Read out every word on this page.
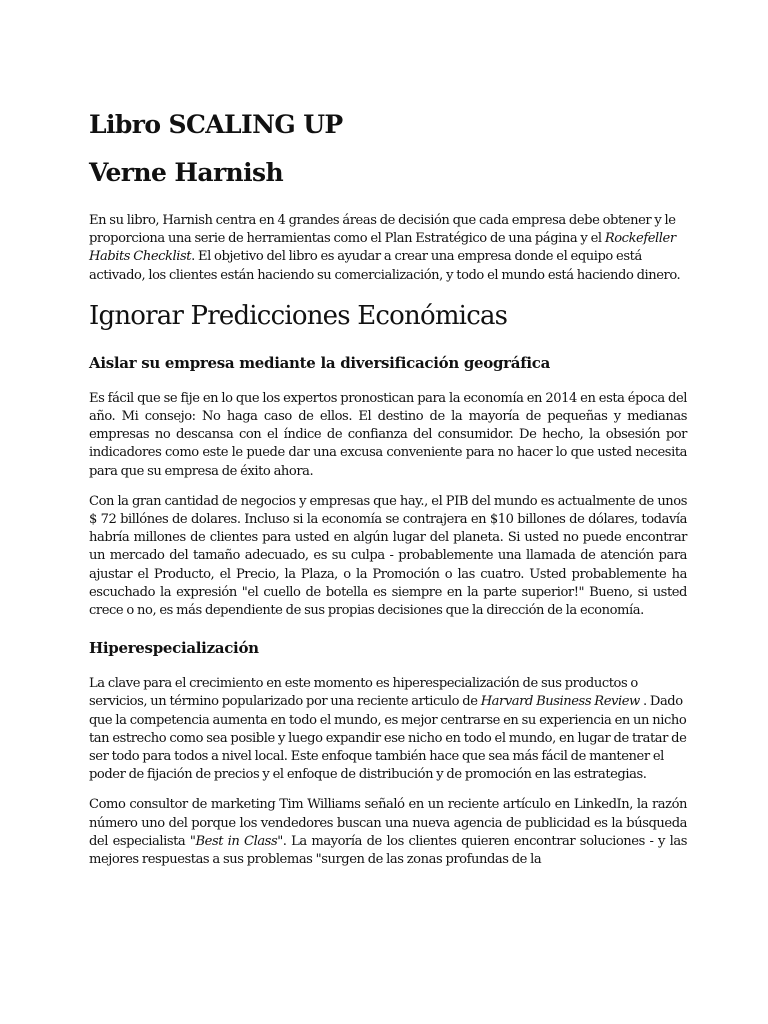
Libro SCALING UP
Verne Harnish

En su libro, Harnish centra en 4 grandes áreas de decisión que cada empresa debe obtener y le proporciona una serie de herramientas como el Plan Estratégico de una página y el Rockefeller Habits Checklist. El objetivo del libro es ayudar a crear una empresa donde el equipo está activado, los clientes están haciendo su comercialización, y todo el mundo está haciendo dinero.

Ignorar Predicciones Económicas
Aislar su empresa mediante la diversificación geográfica

Es fácil que se fije en lo que los expertos pronostican para la economía en 2014 en esta época del año. Mi consejo: No haga caso de ellos. El destino de la mayoría de pequeñas y medianas empresas no descansa con el índice de confianza del consumidor. De hecho, la obsesión por indicadores como este le puede dar una excusa conveniente para no hacer lo que usted necesita para que su empresa de éxito ahora.

Con la gran cantidad de negocios y empresas que hay., el PIB del mundo es actualmente de unos $ 72 billónes de dolares. Incluso si la economía se contrajera en $10 billones de dólares, todavía habría millones de clientes para usted en algún lugar del planeta. Si usted no puede encontrar un mercado del tamaño adecuado, es su culpa - probablemente una llamada de atención para ajustar el Producto, el Precio, la Plaza, o la Promoción o las cuatro. Usted probablemente ha escuchado la expresión "el cuello de botella es siempre en la parte superior!" Bueno, si usted crece o no, es más dependiente de sus propias decisiones que la dirección de la economía.

Hiperespecialización

La clave para el crecimiento en este momento es hiperespecialización de sus productos o servicios, un término popularizado por una reciente articulo de Harvard Business Review . Dado que la competencia aumenta en todo el mundo, es mejor centrarse en su experiencia en un nicho tan estrecho como sea posible y luego expandir ese nicho en todo el mundo, en lugar de tratar de ser todo para todos a nivel local. Este enfoque también hace que sea más fácil de mantener el poder de fijación de precios y el enfoque de distribución y de promoción en las estrategias.

Como consultor de marketing Tim Williams señaló en un reciente artículo en LinkedIn, la razón número uno del porque los vendedores buscan una nueva agencia de publicidad es la búsqueda del especialista "Best in Class". La mayoría de los clientes quieren encontrar soluciones - y las mejores respuestas a sus problemas "surgen de las zonas profundas de la
